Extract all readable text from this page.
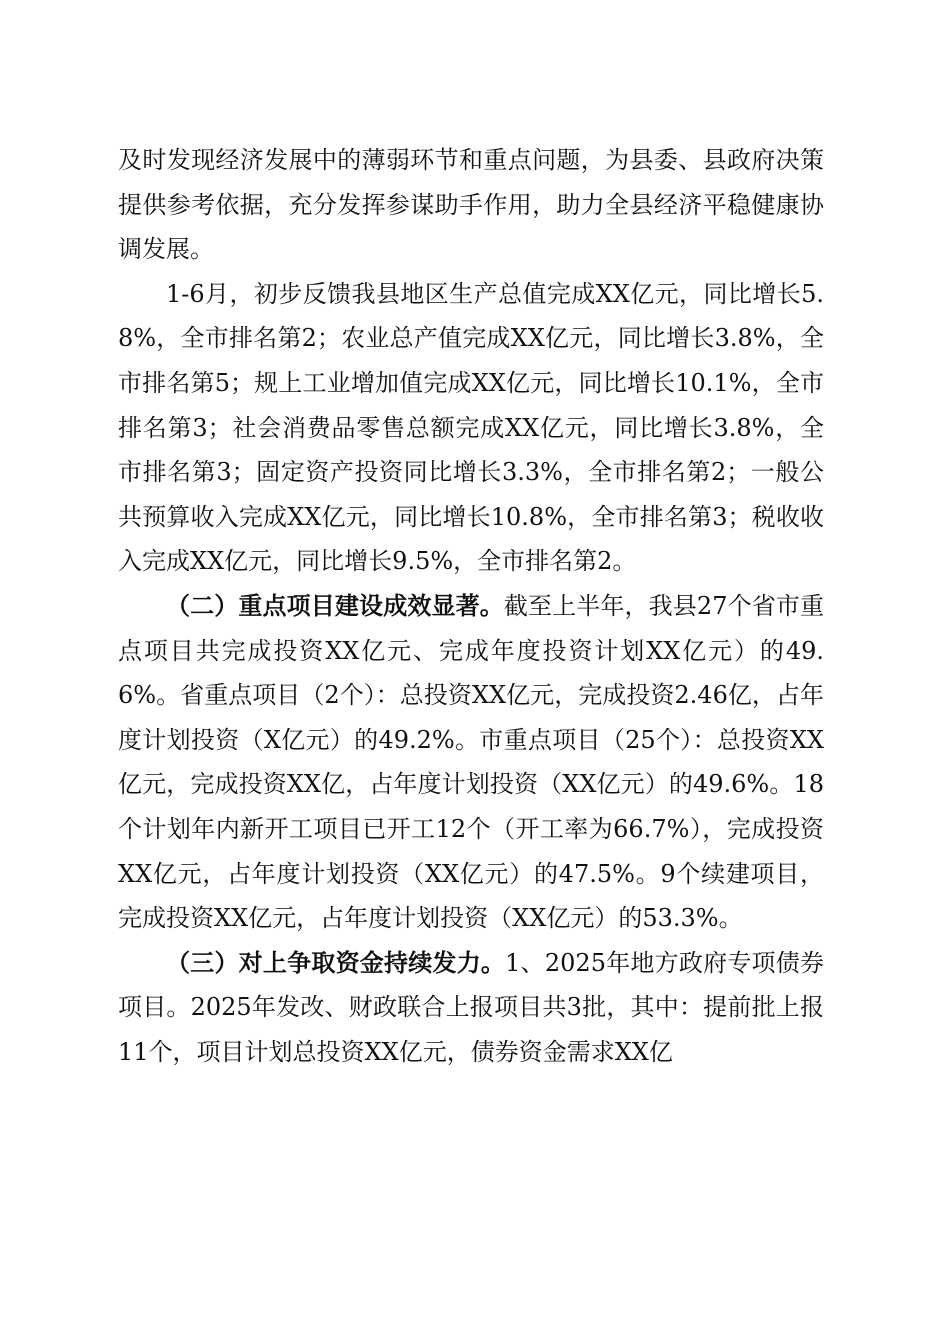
及时发现经济发展中的薄弱环节和重点问题，为县委、县政府决策提供参考依据，充分发挥参谋助手作用，助力全县经济平稳健康协调发展。

1-6月，初步反馈我县地区生产总值完成XX亿元，同比增长5.8%，全市排名第2；农业总产值完成XX亿元，同比增长3.8%，全市排名第5；规上工业增加值完成XX亿元，同比增长10.1%，全市排名第3；社会消费品零售总额完成XX亿元，同比增长3.8%，全市排名第3；固定资产投资同比增长3.3%，全市排名第2；一般公共预算收入完成XX亿元，同比增长10.8%，全市排名第3；税收收入完成XX亿元，同比增长9.5%，全市排名第2。

（二）重点项目建设成效显著。截至上半年，我县27个省市重点项目共完成投资XX亿元、完成年度投资计划XX亿元）的49.6%。省重点项目（2个）：总投资XX亿元，完成投资2.46亿，占年度计划投资（X亿元）的49.2%。市重点项目（25个）：总投资XX亿元，完成投资XX亿，占年度计划投资（XX亿元）的49.6%。18个计划年内新开工项目已开工12个（开工率为66.7%），完成投资XX亿元，占年度计划投资（XX亿元）的47.5%。9个续建项目，完成投资XX亿元，占年度计划投资（XX亿元）的53.3%。

（三）对上争取资金持续发力。1、2025年地方政府专项债券项目。2025年发改、财政联合上报项目共3批，其中：提前批上报11个，项目计划总投资XX亿元，债券资金需求XX亿
